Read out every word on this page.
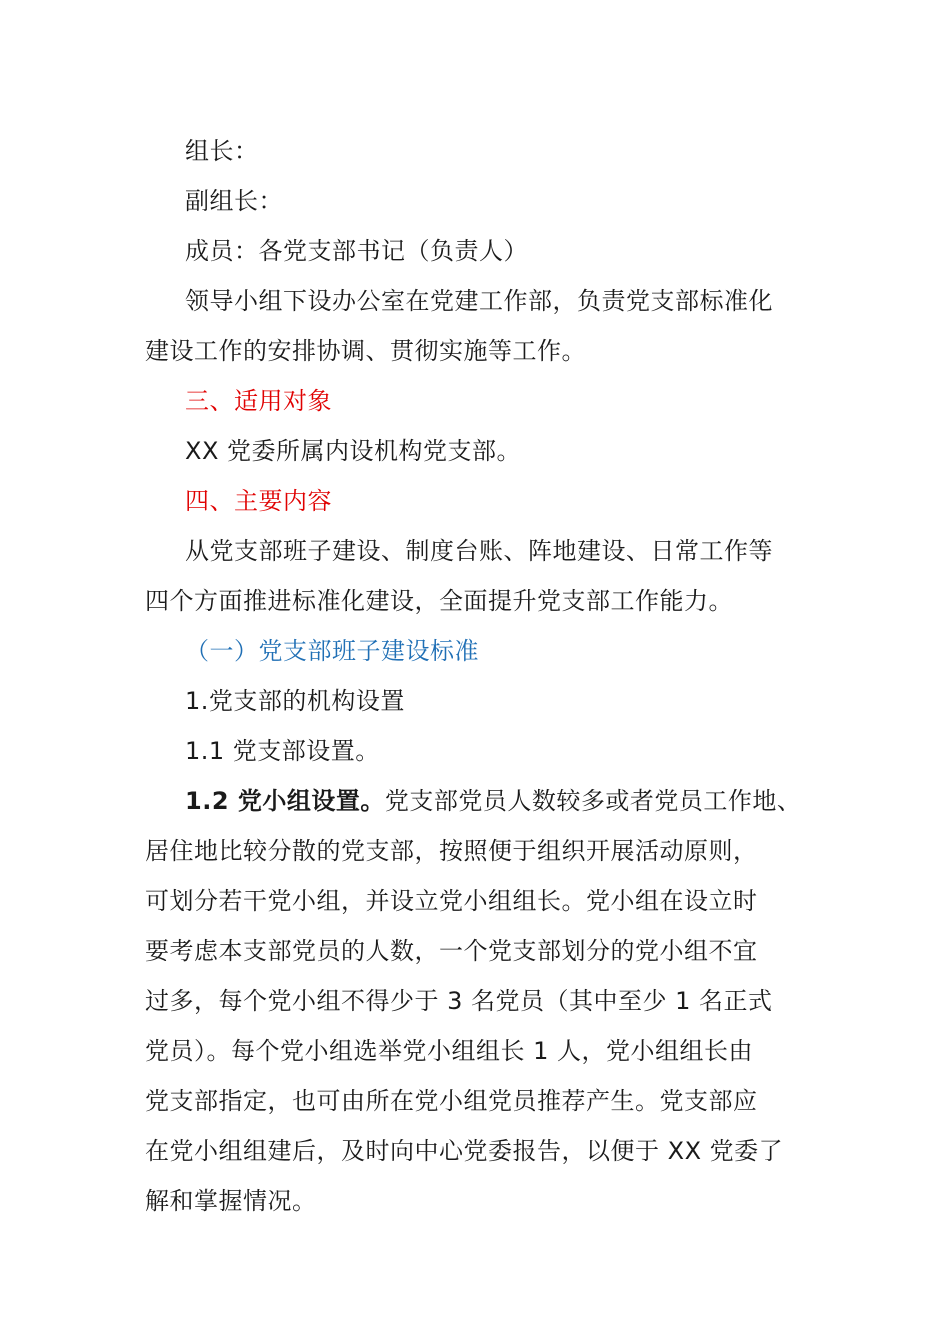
组长：

副组长：

成员：各党支部书记（负责人）

领导小组下设办公室在党建工作部，负责党支部标准化

建设工作的安排协调、贯彻实施等工作。

三、适用对象

XX 党委所属内设机构党支部。

四、主要内容

从党支部班子建设、制度台账、阵地建设、日常工作等

四个方面推进标准化建设，全面提升党支部工作能力。

（一）党支部班子建设标准

1.党支部的机构设置

1.1 党支部设置。

1.2 党小组设置。党支部党员人数较多或者党员工作地、

居住地比较分散的党支部，按照便于组织开展活动原则，

可划分若干党小组，并设立党小组组长。党小组在设立时

要考虑本支部党员的人数，一个党支部划分的党小组不宜

过多，每个党小组不得少于 3 名党员（其中至少 1 名正式

党员）。每个党小组选举党小组组长 1 人，党小组组长由

党支部指定，也可由所在党小组党员推荐产生。党支部应

在党小组组建后，及时向中心党委报告，以便于 XX 党委了

解和掌握情况。
